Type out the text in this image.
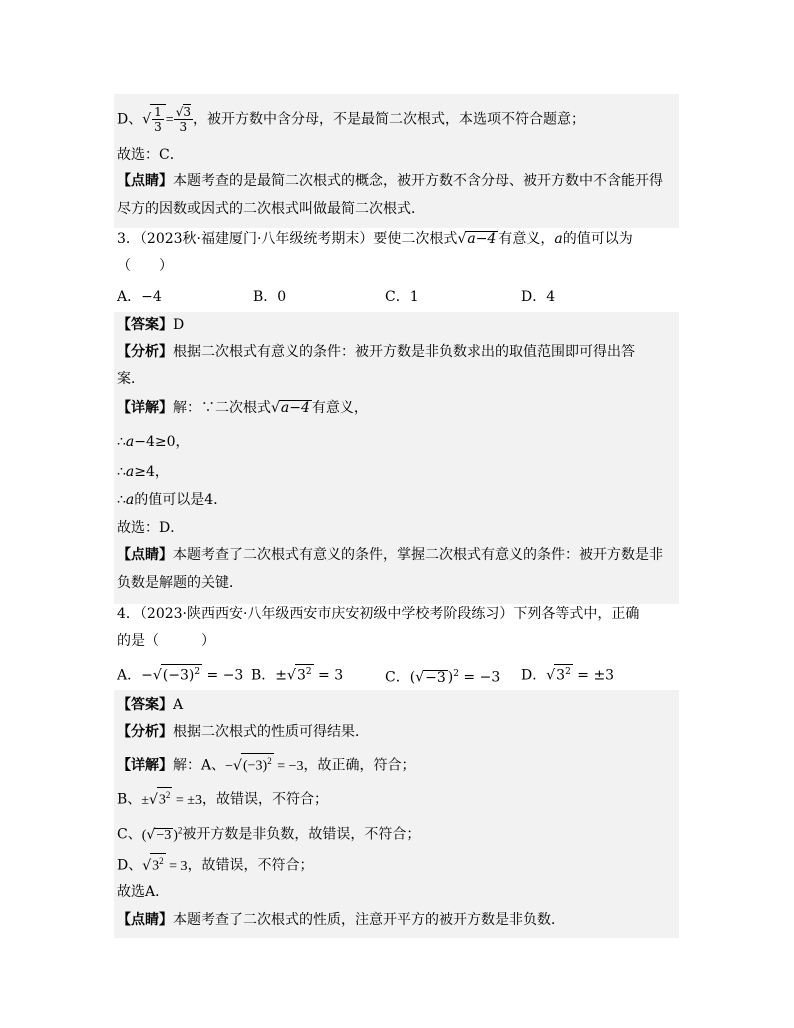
D、√ $\frac{1}{3} = \frac{√3}{3}$ ，被开方数中含分母，不是最简二次根式，本选项不符合题意；
故选：C．
【点睛】本题考查的是最简二次根式的概念，被开方数不含分母、被开方数中不含能开得
尽方的因数或因式的二次根式叫做最简二次根式．
3．（2023秋·福建厦门·八年级统考期末）要使二次根式√a−4 有意义，a的值可以为
（　　）
A．−4	B．0	C．1	D．4
【答案】D
【分析】根据二次根式有意义的条件：被开方数是非负数求出的取值范围即可得出答
案．
【详解】解：∵二次根式√a−4 有意义，
∴a−4≥0，
∴a≥4，
∴a的值可以是4．
故选：D．
【点睛】本题考查了二次根式有意义的条件，掌握二次根式有意义的条件：被开方数是非
负数是解题的关键．
4．（2023·陕西西安·八年级西安市庆安初级中学校考阶段练习）下列各等式中，正确
的是（　　　）
A．$-√(-3)^2 = -3$ B．$\pm√3^2 = 3$	C．(√−3 )$^2$ = −3 D．$√3^2 = \pm 3$
【答案】A
【分析】根据二次根式的性质可得结果．
【详解】解：A、$-√(-3)^2 = -3$，故正确，符合；
B、$\pm√3^2 = \pm 3$，故错误，不符合；
C、(√−3 )$^2$被开方数是非负数，故错误，不符合；
D、$√3^2 = 3$，故错误，不符合；
故选A．
【点睛】本题考查了二次根式的性质，注意开平方的被开方数是非负数．
